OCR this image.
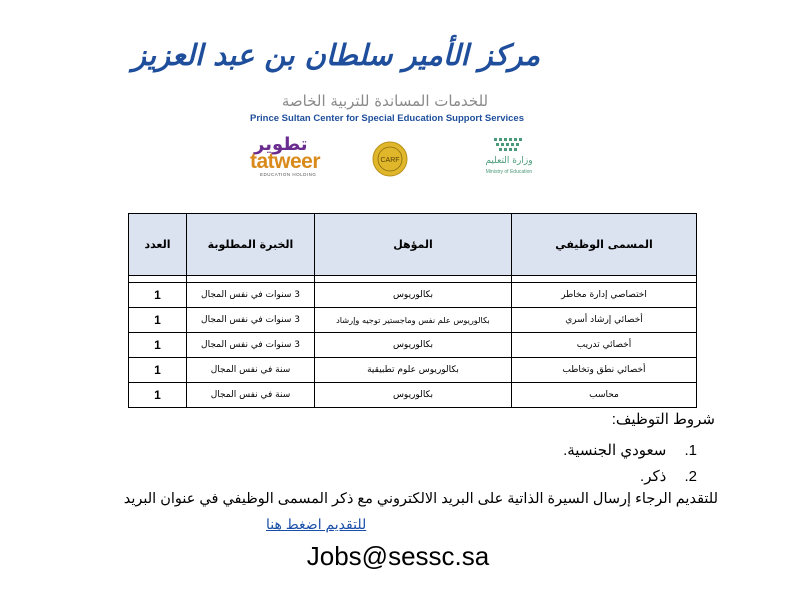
مركز الأمير سلطان بن عبد العزيز
للخدمات المساندة للتربية الخاصة
Prince Sultan Center for Special Education Support Services
تطوير
tatweer
EDUCATION HOLDING
CARF	وزارة التعليم
Ministry of Education
المسمى الوظيفي	المؤهل	الخبرة المطلوبة	العدد

اختصاصي إدارة مخاطر	بكالوريوس	3 سنوات في نفس المجال	1
أخصائي إرشاد أسري	بكالوريوس علم نفس وماجستير توجيه وإرشاد	3 سنوات في نفس المجال	1
أخصائي تدريب	بكالوريوس	3 سنوات في نفس المجال	1
أخصائي نطق وتخاطب	بكالوريوس علوم تطبيقية	سنة في نفس المجال	1
محاسب	بكالوريوس	سنة في نفس المجال	1
شروط التوظيف:
1. سعودي الجنسية.
2. ذكر.
للتقديم الرجاء إرسال السيرة الذاتية على البريد الالكتروني مع ذكر المسمى الوظيفي في عنوان البريد
للتقديم اضغط هنا
Jobs@sessc.sa
